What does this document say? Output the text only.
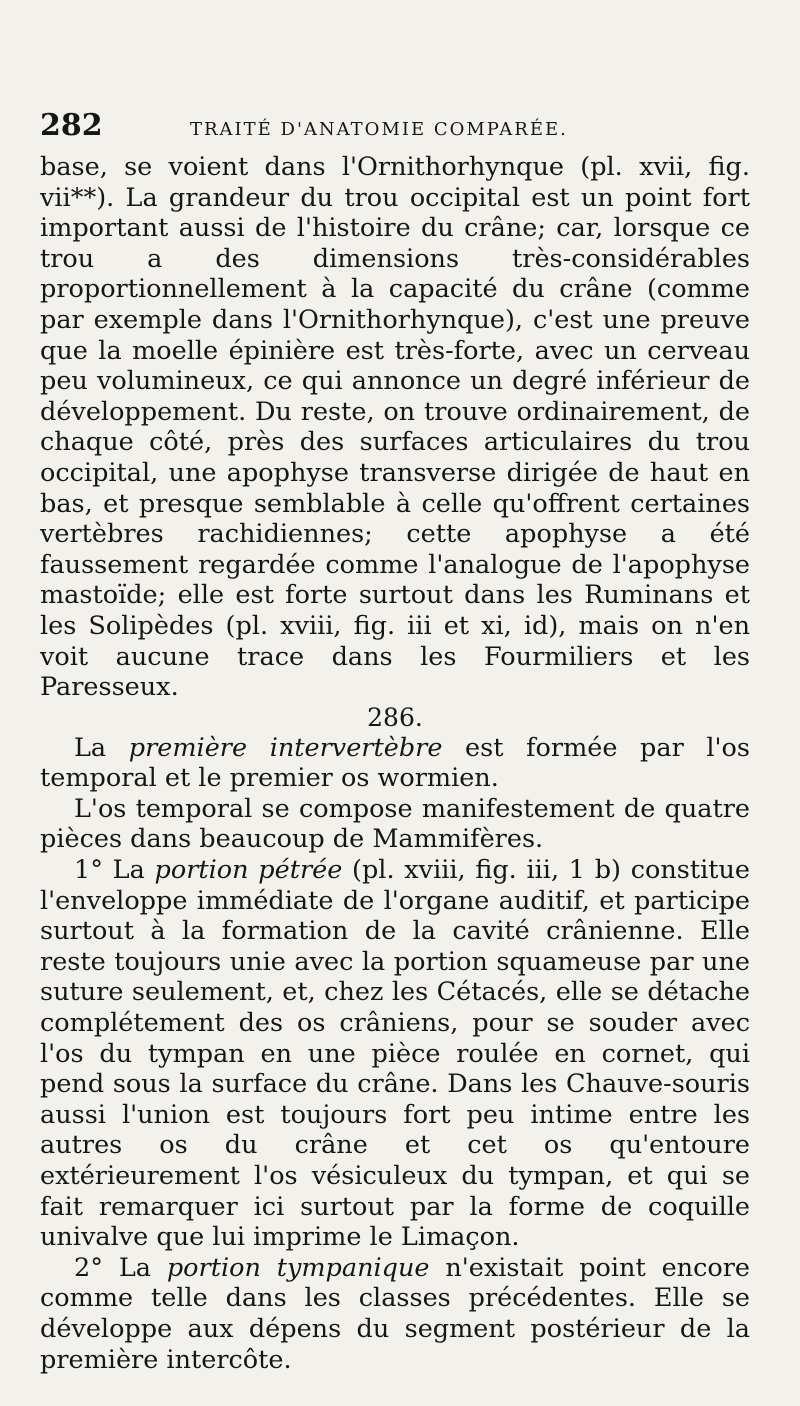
282	TRAITÉ D'ANATOMIE COMPARÉE.

base, se voient dans l'Ornithorhynque (pl. xvii, fig. vii**). La grandeur du trou occipital est un point fort important aussi de l'histoire du crâne; car, lorsque ce trou a des dimensions très-considérables proportionnellement à la capacité du crâne (comme par exemple dans l'Ornithorhynque), c'est une preuve que la moelle épinière est très-forte, avec un cerveau peu volumineux, ce qui annonce un degré inférieur de développement. Du reste, on trouve ordinairement, de chaque côté, près des surfaces articulaires du trou occipital, une apophyse transverse dirigée de haut en bas, et presque semblable à celle qu'offrent certaines vertèbres rachidiennes; cette apophyse a été faussement regardée comme l'analogue de l'apophyse mastoïde; elle est forte surtout dans les Ruminans et les Solipèdes (pl. xviii, fig. iii et xi, id), mais on n'en voit aucune trace dans les Fourmiliers et les Paresseux.

286.

La première intervertèbre est formée par l'os temporal et le premier os wormien.

L'os temporal se compose manifestement de quatre pièces dans beaucoup de Mammifères.

1° La portion pétrée (pl. xviii, fig. iii, 1 b) constitue l'enveloppe immédiate de l'organe auditif, et participe surtout à la formation de la cavité crânienne. Elle reste toujours unie avec la portion squameuse par une suture seulement, et, chez les Cétacés, elle se détache complétement des os crâniens, pour se souder avec l'os du tympan en une pièce roulée en cornet, qui pend sous la surface du crâne. Dans les Chauve-souris aussi l'union est toujours fort peu intime entre les autres os du crâne et cet os qu'entoure extérieurement l'os vésiculeux du tympan, et qui se fait remarquer ici surtout par la forme de coquille univalve que lui imprime le Limaçon.

2° La portion tympanique n'existait point encore comme telle dans les classes précédentes. Elle se développe aux dépens du segment postérieur de la première intercôte.
